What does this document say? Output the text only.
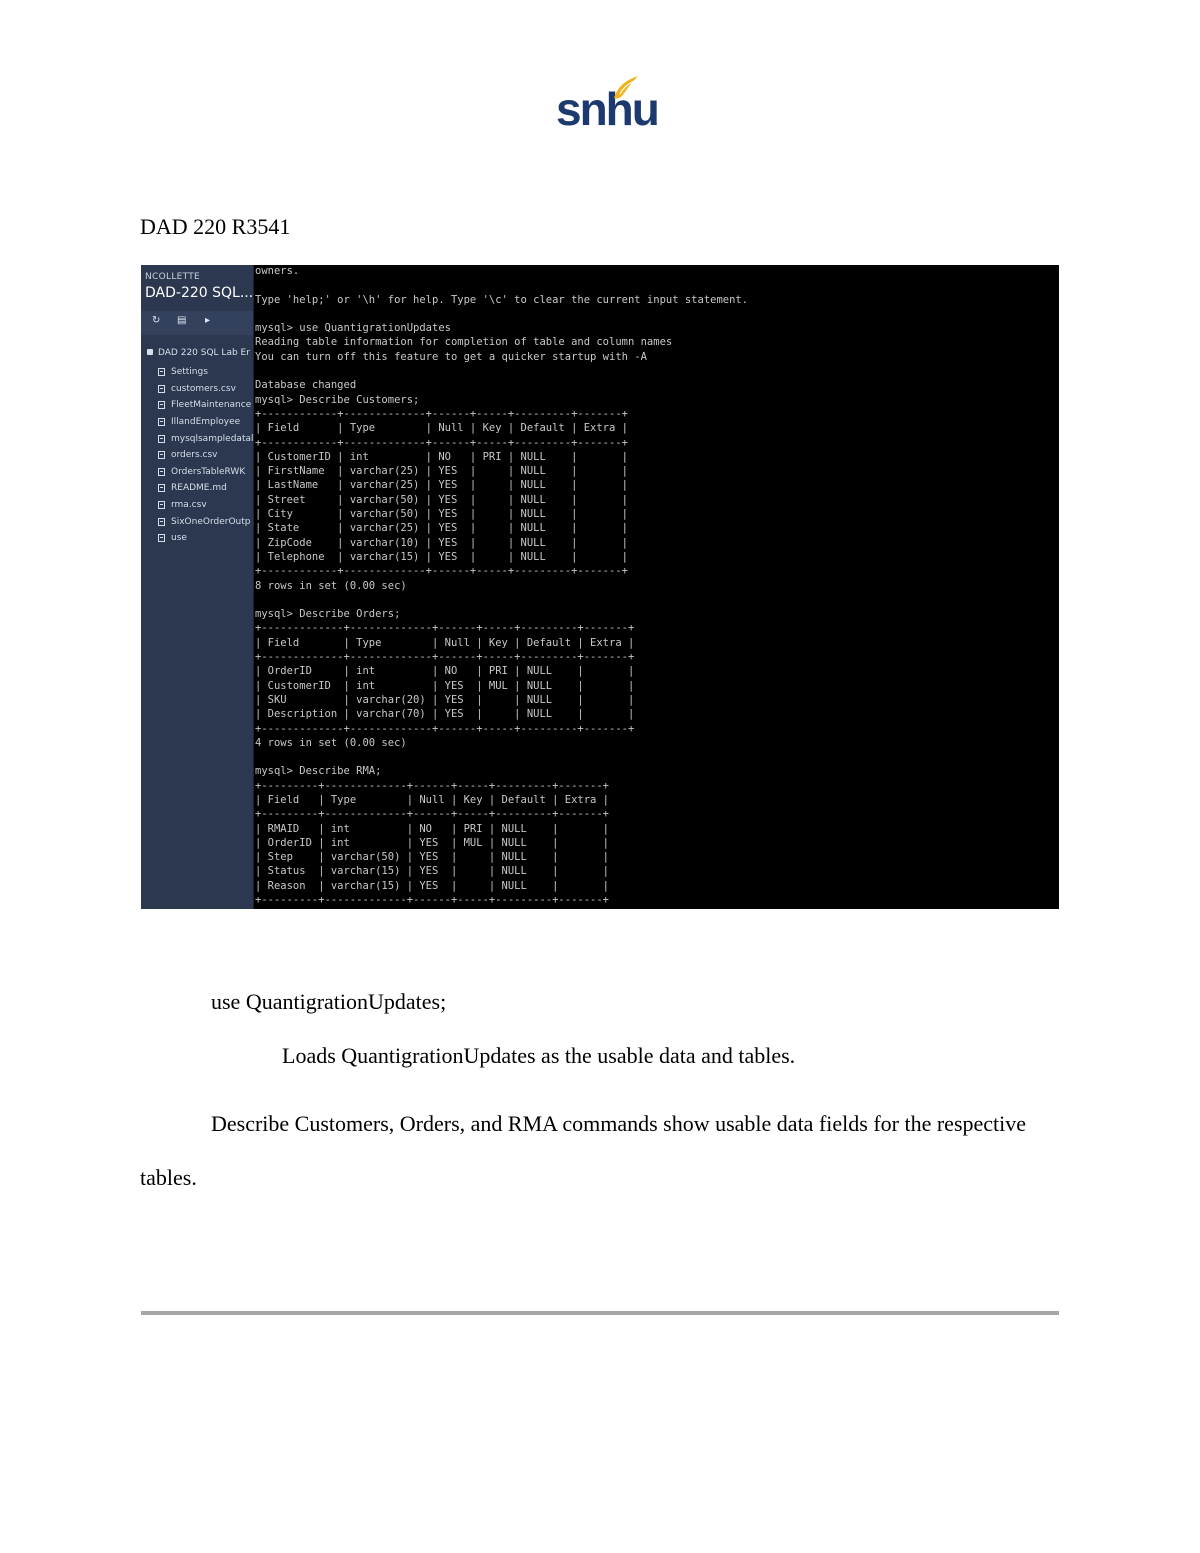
snhu
DAD 220 R3541
NCOLLETTE
DAD-220 SQL...
↻ ▤ ▸
DAD 220 SQL Lab Er
Settings
customers.csv
FleetMaintenance
IllandEmployee
mysqlsampledatal
orders.csv
OrdersTableRWK
README.md
rma.csv
SixOneOrderOutp
use
owners.
Type 'help;' or '\h' for help. Type '\c' to clear the current input statement.
mysql> use QuantigrationUpdates
Reading table information for completion of table and column names
You can turn off this feature to get a quicker startup with -A
Database changed
mysql> Describe Customers;
+------------+-------------+------+-----+---------+-------+
| Field      | Type        | Null | Key | Default | Extra |
+------------+-------------+------+-----+---------+-------+
| CustomerID | int         | NO   | PRI | NULL    |       |
| FirstName  | varchar(25) | YES  |     | NULL    |       |
| LastName   | varchar(25) | YES  |     | NULL    |       |
| Street     | varchar(50) | YES  |     | NULL    |       |
| City       | varchar(50) | YES  |     | NULL    |       |
| State      | varchar(25) | YES  |     | NULL    |       |
| ZipCode    | varchar(10) | YES  |     | NULL    |       |
| Telephone  | varchar(15) | YES  |     | NULL    |       |
+------------+-------------+------+-----+---------+-------+
8 rows in set (0.00 sec)
mysql> Describe Orders;
+-------------+-------------+------+-----+---------+-------+
| Field       | Type        | Null | Key | Default | Extra |
+-------------+-------------+------+-----+---------+-------+
| OrderID     | int         | NO   | PRI | NULL    |       |
| CustomerID  | int         | YES  | MUL | NULL    |       |
| SKU         | varchar(20) | YES  |     | NULL    |       |
| Description | varchar(70) | YES  |     | NULL    |       |
+-------------+-------------+------+-----+---------+-------+
4 rows in set (0.00 sec)
mysql> Describe RMA;
+---------+-------------+------+-----+---------+-------+
| Field   | Type        | Null | Key | Default | Extra |
+---------+-------------+------+-----+---------+-------+
| RMAID   | int         | NO   | PRI | NULL    |       |
| OrderID | int         | YES  | MUL | NULL    |       |
| Step    | varchar(50) | YES  |     | NULL    |       |
| Status  | varchar(15) | YES  |     | NULL    |       |
| Reason  | varchar(15) | YES  |     | NULL    |       |
+---------+-------------+------+-----+---------+-------+
use QuantigrationUpdates;
Loads QuantigrationUpdates as the usable data and tables.

Describe Customers, Orders, and RMA commands show usable data fields for the respective tables.
